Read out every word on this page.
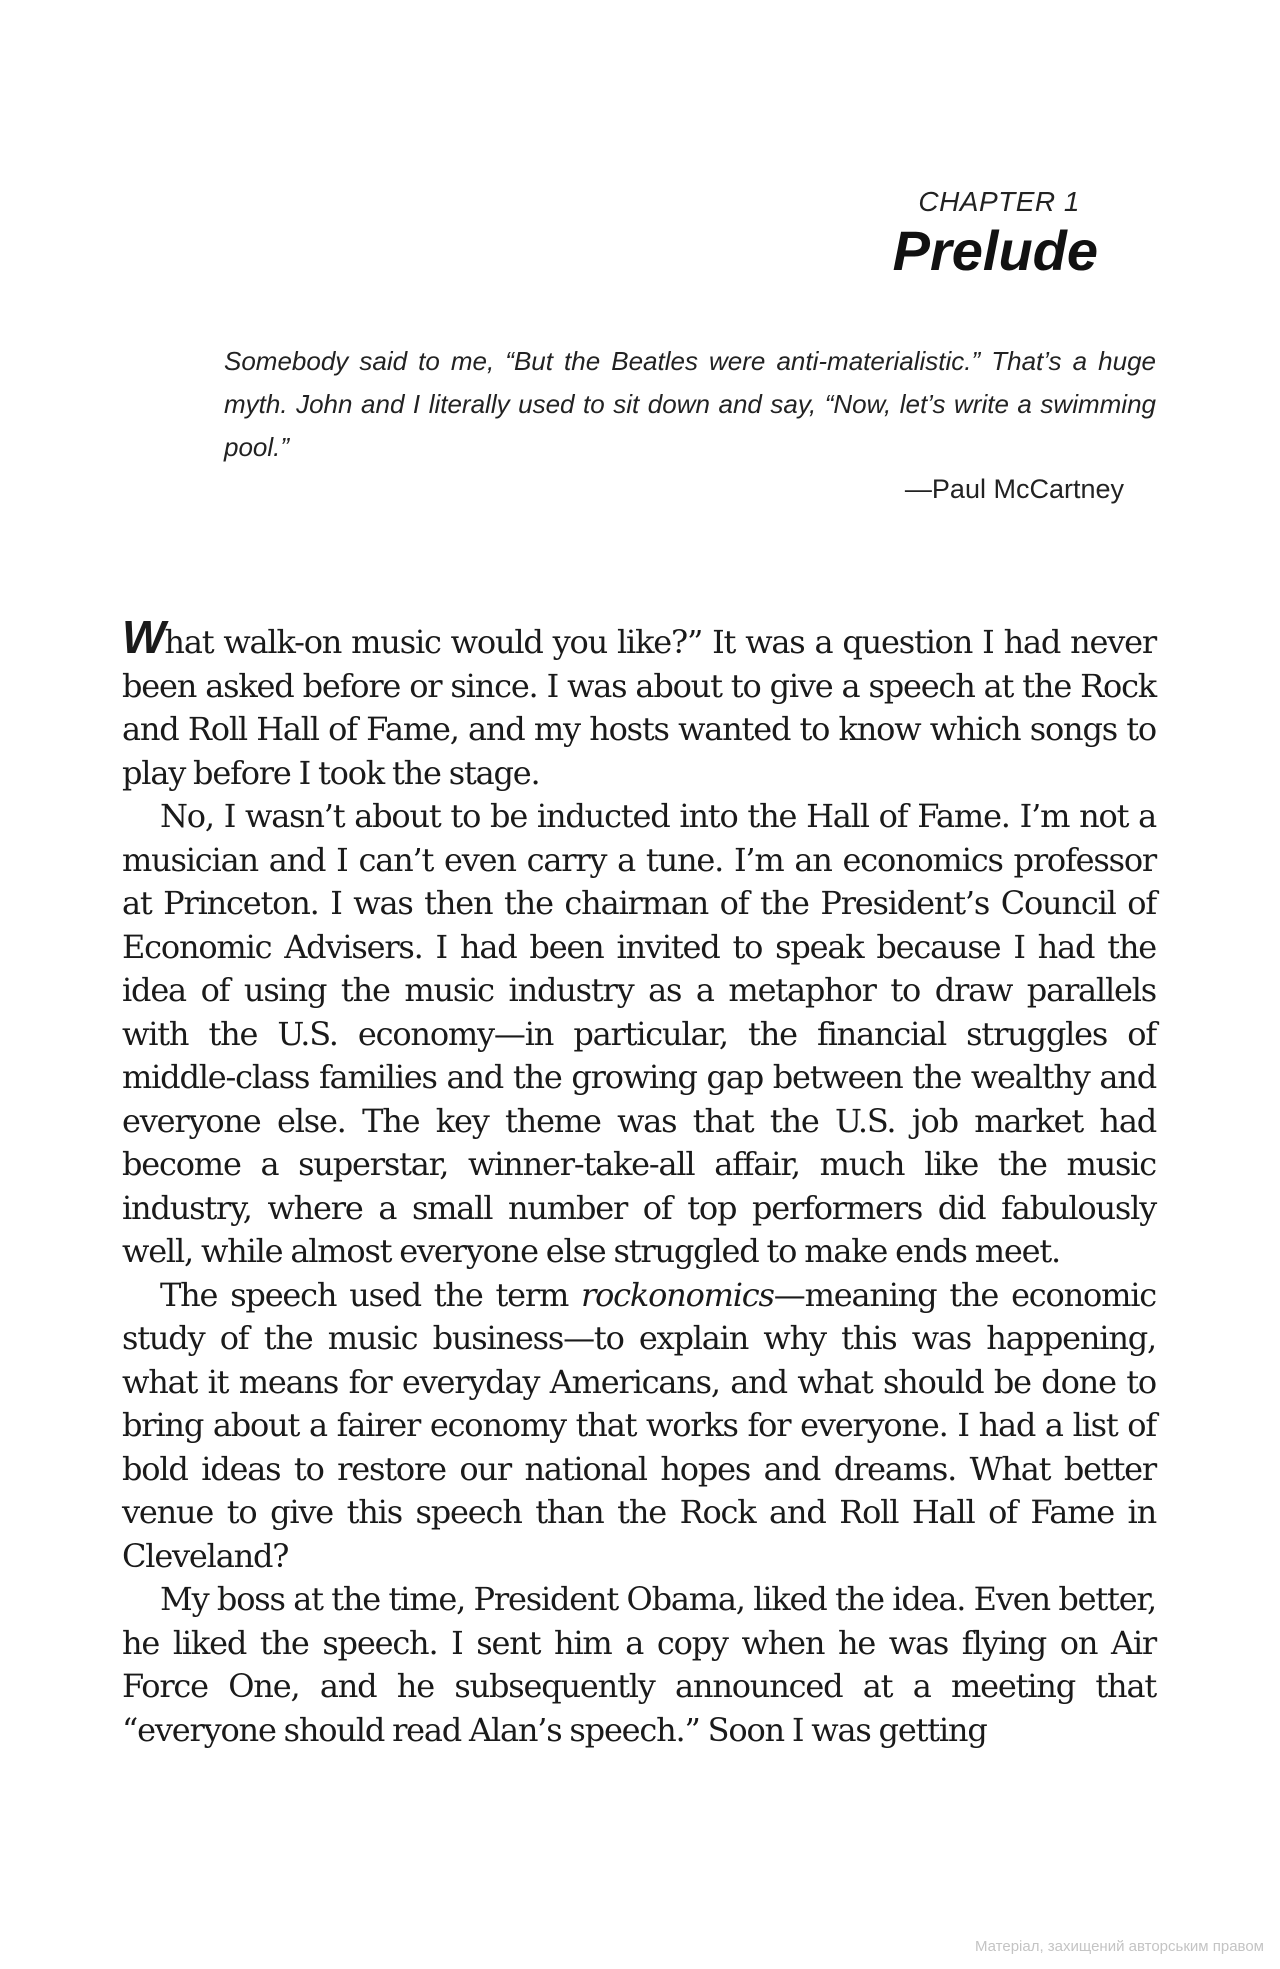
CHAPTER 1
Prelude
Somebody said to me, “But the Beatles were anti-materialistic.” That’s a huge myth. John and I literally used to sit down and say, “Now, let’s write a swimming pool.”
—Paul McCartney

What walk-on music would you like?” It was a question I had never been asked before or since. I was about to give a speech at the Rock and Roll Hall of Fame, and my hosts wanted to know which songs to play before I took the stage.

No, I wasn’t about to be inducted into the Hall of Fame. I’m not a musician and I can’t even carry a tune. I’m an economics professor at Princeton. I was then the chairman of the President’s Council of Economic Advisers. I had been invited to speak because I had the idea of using the music industry as a metaphor to draw parallels with the U.S. economy—in particular, the financial struggles of middle-class families and the growing gap between the wealthy and everyone else. The key theme was that the U.S. job market had become a superstar, winner-take-all affair, much like the music industry, where a small number of top performers did fabulously well, while almost everyone else struggled to make ends meet.

The speech used the term rockonomics—meaning the economic study of the music business—to explain why this was happening, what it means for everyday Americans, and what should be done to bring about a fairer economy that works for everyone. I had a list of bold ideas to restore our national hopes and dreams. What better venue to give this speech than the Rock and Roll Hall of Fame in Cleveland?

My boss at the time, President Obama, liked the idea. Even better, he liked the speech. I sent him a copy when he was flying on Air Force One, and he subsequently announced at a meeting that “everyone should read Alan’s speech.” Soon I was getting

Матеріал, захищений авторським правом
